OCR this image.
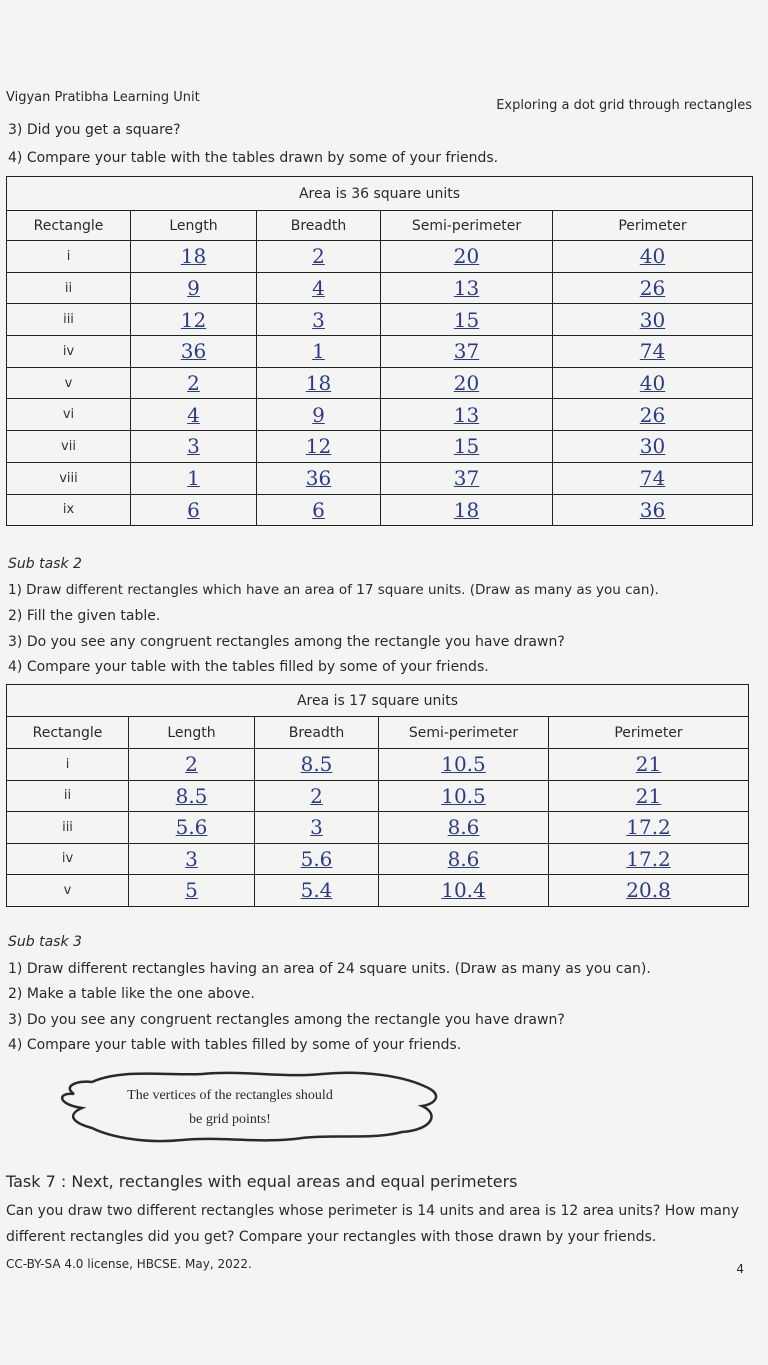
Vigyan Pratibha Learning Unit
Exploring a dot grid through rectangles
3) Did you get a square?
4) Compare your table with the tables drawn by some of your friends.
Area is 36 square units				
Rectangle	Length	Breadth	Semi-perimeter	Perimeter
i	18	2	20	40
ii	9	4	13	26
iii	12	3	15	30
iv	36	1	37	74
v	2	18	20	40
vi	4	9	13	26
vii	3	12	15	30
viii	1	36	37	74
ix	6	6	18	36
Sub task 2
1) Draw different rectangles which have an area of 17 square units. (Draw as many as you can).
2) Fill the given table.
3) Do you see any congruent rectangles among the rectangle you have drawn?
4) Compare your table with the tables filled by some of your friends.
Area is 17 square units				
Rectangle	Length	Breadth	Semi-perimeter	Perimeter
i	2	8.5	10.5	21
ii	8.5	2	10.5	21
iii	5.6	3	8.6	17.2
iv	3	5.6	8.6	17.2
v	5	5.4	10.4	20.8
Sub task 3
1) Draw different rectangles having an area of 24 square units. (Draw as many as you can).
2) Make a table like the one above.
3) Do you see any congruent rectangles among the rectangle you have drawn?
4) Compare your table with tables filled by some of your friends.
The vertices of the rectangles should
be grid points!
Task 7 : Next, rectangles with equal areas and equal perimeters
Can you draw two different rectangles whose perimeter is 14 units and area is 12 area units? How many different rectangles did you get? Compare your rectangles with those drawn by your friends.
CC-BY-SA 4.0 license, HBCSE. May, 2022.	4
